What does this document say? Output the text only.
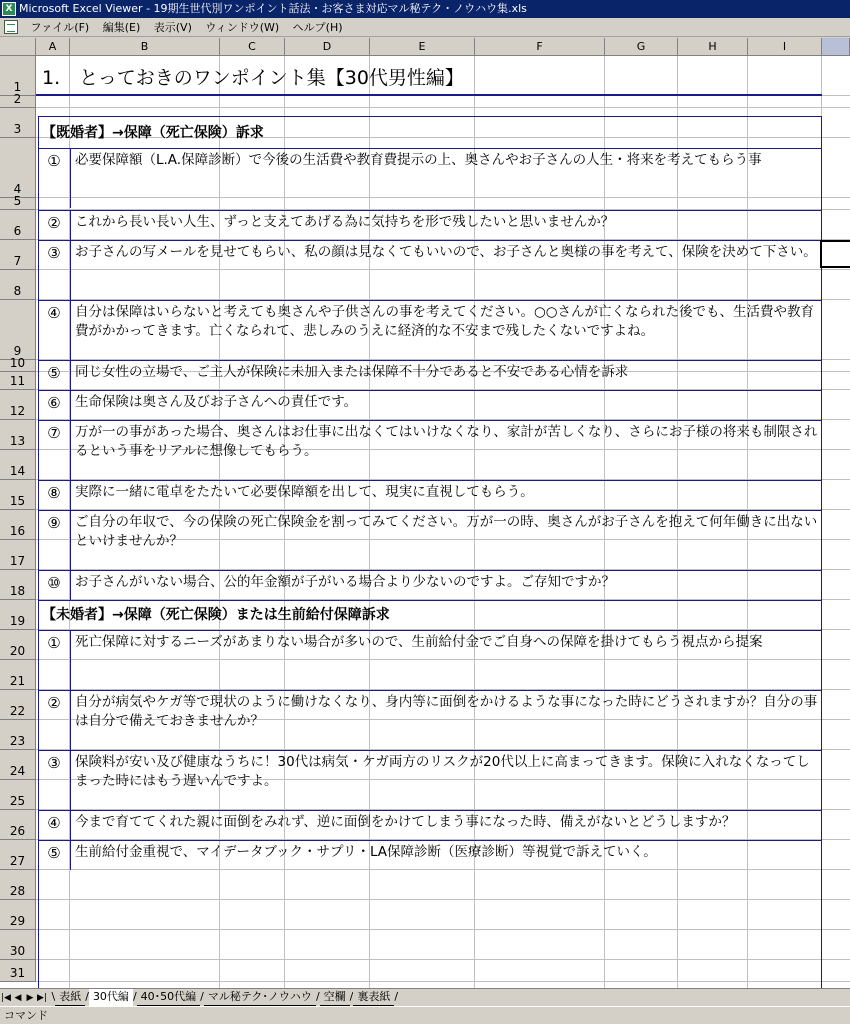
X Microsoft Excel Viewer - 19期生世代別ワンポイント話法・お客さま対応マル秘テク・ノウハウ集.xls
ファイル(F) 編集(E) 表示(V) ウィンドウ(W) ヘルプ(H)
A	B	C	D	E	F	G	H	I
1
2
3
4
5
6
7
8
9
10
11
12
13
14
15
16
17
18
19
20
21
22
23
24
25
26
27
28
29
30
31
1.　とっておきのワンポイント集【30代男性編】
【既婚者】→保障（死亡保険）訴求
①	必要保障額（L.A.保障診断）で今後の生活費や教育費提示の上、奥さんやお子さんの人生・将来を考えてもらう事
②	これから長い長い人生、ずっと支えてあげる為に気持ちを形で残したいと思いませんか？
③	お子さんの写メールを見せてもらい、私の顔は見なくてもいいので、お子さんと奥様の事を考えて、保険を決めて下さい。
④	自分は保障はいらないと考えても奥さんや子供さんの事を考えてください。○○さんが亡くなられた後でも、生活費や教育費がかかってきます。亡くなられて、悲しみのうえに経済的な不安まで残したくないですよね。
⑤	同じ女性の立場で、ご主人が保険に未加入または保障不十分であると不安である心情を訴求
⑥	生命保険は奥さん及びお子さんへの責任です。
⑦	万が一の事があった場合、奥さんはお仕事に出なくてはいけなくなり、家計が苦しくなり、さらにお子様の将来も制限されるという事をリアルに想像してもらう。
⑧	実際に一緒に電卓をたたいて必要保障額を出して、現実に直視してもらう。
⑨	ご自分の年収で、今の保険の死亡保険金を割ってみてください。万が一の時、奥さんがお子さんを抱えて何年働きに出ないといけませんか？
⑩	お子さんがいない場合、公的年金額が子がいる場合より少ないのですよ。ご存知ですか？
【未婚者】→保障（死亡保険）または生前給付保障訴求
①	死亡保障に対するニーズがあまりない場合が多いので、生前給付金でご自身への保障を掛けてもらう視点から提案
②	自分が病気やケガ等で現状のように働けなくなり、身内等に面倒をかけるような事になった時にどうされますか？自分の事は自分で備えておきませんか？
③	保険料が安い及び健康なうちに！30代は病気・ケガ両方のリスクが20代以上に高まってきます。保険に入れなくなってしまった時にはもう遅いんですよ。
④	今まで育ててくれた親に面倒をみれず、逆に面倒をかけてしまう事になった時、備えがないとどうしますか？
⑤	生前給付金重視で、マイデータブック・サプリ・LA保障診断（医療診断）等視覚で訴えていく。
|◀ ◀ ▶ ▶| \ 表紙 / 30代編 / 40･50代編 / マル秘テク･ノウハウ / 空欄 / 裏表紙 /
コマンド
